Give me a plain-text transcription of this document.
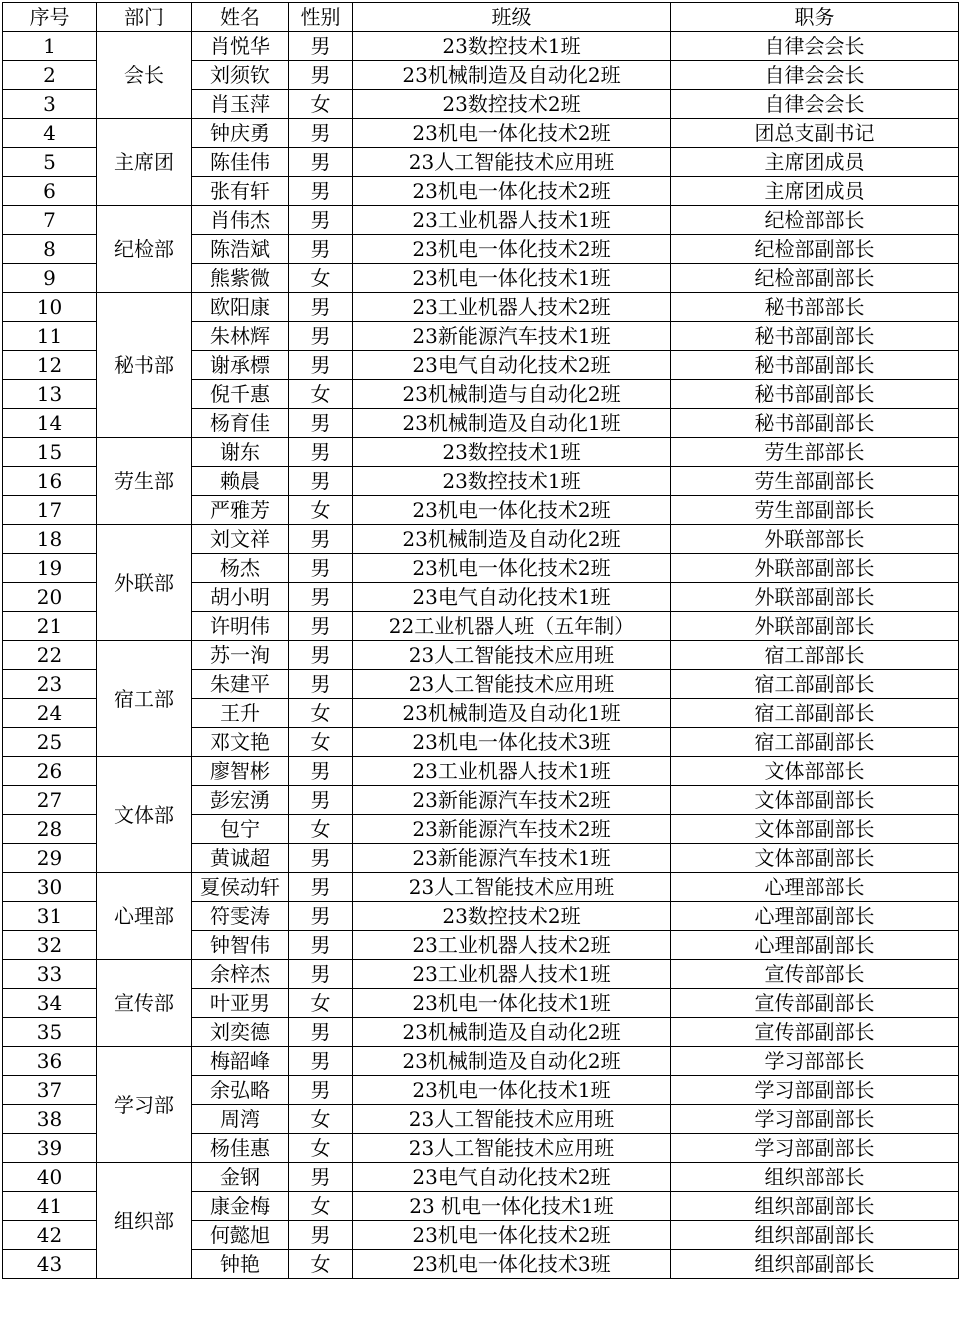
序号	部门	姓名	性别	班级	职务
1	会长	肖悦华	男	23数控技术1班	自律会会长
2		刘须钦	男	23机械制造及自动化2班	自律会会长
3		肖玉萍	女	23数控技术2班	自律会会长
4	主席团	钟庆勇	男	23机电一体化技术2班	团总支副书记
5		陈佳伟	男	23人工智能技术应用班	主席团成员
6		张有轩	男	23机电一体化技术2班	主席团成员
7	纪检部	肖伟杰	男	23工业机器人技术1班	纪检部部长
8		陈浩斌	男	23机电一体化技术2班	纪检部副部长
9		熊紫微	女	23机电一体化技术1班	纪检部副部长
10	秘书部	欧阳康	男	23工业机器人技术2班	秘书部部长
11		朱林辉	男	23新能源汽车技术1班	秘书部副部长
12		谢承標	男	23电气自动化技术2班	秘书部副部长
13		倪千惠	女	23机械制造与自动化2班	秘书部副部长
14		杨育佳	男	23机械制造及自动化1班	秘书部副部长
15	劳生部	谢东	男	23数控技术1班	劳生部部长
16		赖晨	男	23数控技术1班	劳生部副部长
17		严雅芳	女	23机电一体化技术2班	劳生部副部长
18	外联部	刘文祥	男	23机械制造及自动化2班	外联部部长
19		杨杰	男	23机电一体化技术2班	外联部副部长
20		胡小明	男	23电气自动化技术1班	外联部副部长
21		许明伟	男	22工业机器人班（五年制）	外联部副部长
22	宿工部	苏一洵	男	23人工智能技术应用班	宿工部部长
23		朱建平	男	23人工智能技术应用班	宿工部副部长
24		王升	女	23机械制造及自动化1班	宿工部副部长
25		邓文艳	女	23机电一体化技术3班	宿工部副部长
26	文体部	廖智彬	男	23工业机器人技术1班	文体部部长
27		彭宏湧	男	23新能源汽车技术2班	文体部副部长
28		包宁	女	23新能源汽车技术2班	文体部副部长
29		黄诚超	男	23新能源汽车技术1班	文体部副部长
30	心理部	夏侯动轩	男	23人工智能技术应用班	心理部部长
31		符雯涛	男	23数控技术2班	心理部副部长
32		钟智伟	男	23工业机器人技术2班	心理部副部长
33	宣传部	余梓杰	男	23工业机器人技术1班	宣传部部长
34		叶亚男	女	23机电一体化技术1班	宣传部副部长
35		刘奕德	男	23机械制造及自动化2班	宣传部副部长
36	学习部	梅韶峰	男	23机械制造及自动化2班	学习部部长
37		余弘略	男	23机电一体化技术1班	学习部副部长
38		周湾	女	23人工智能技术应用班	学习部副部长
39		杨佳惠	女	23人工智能技术应用班	学习部副部长
40	组织部	金钢	男	23电气自动化技术2班	组织部部长
41		康金梅	女	23 机电一体化技术1班	组织部副部长
42		何懿旭	男	23机电一体化技术2班	组织部副部长
43		钟艳	女	23机电一体化技术3班	组织部副部长
